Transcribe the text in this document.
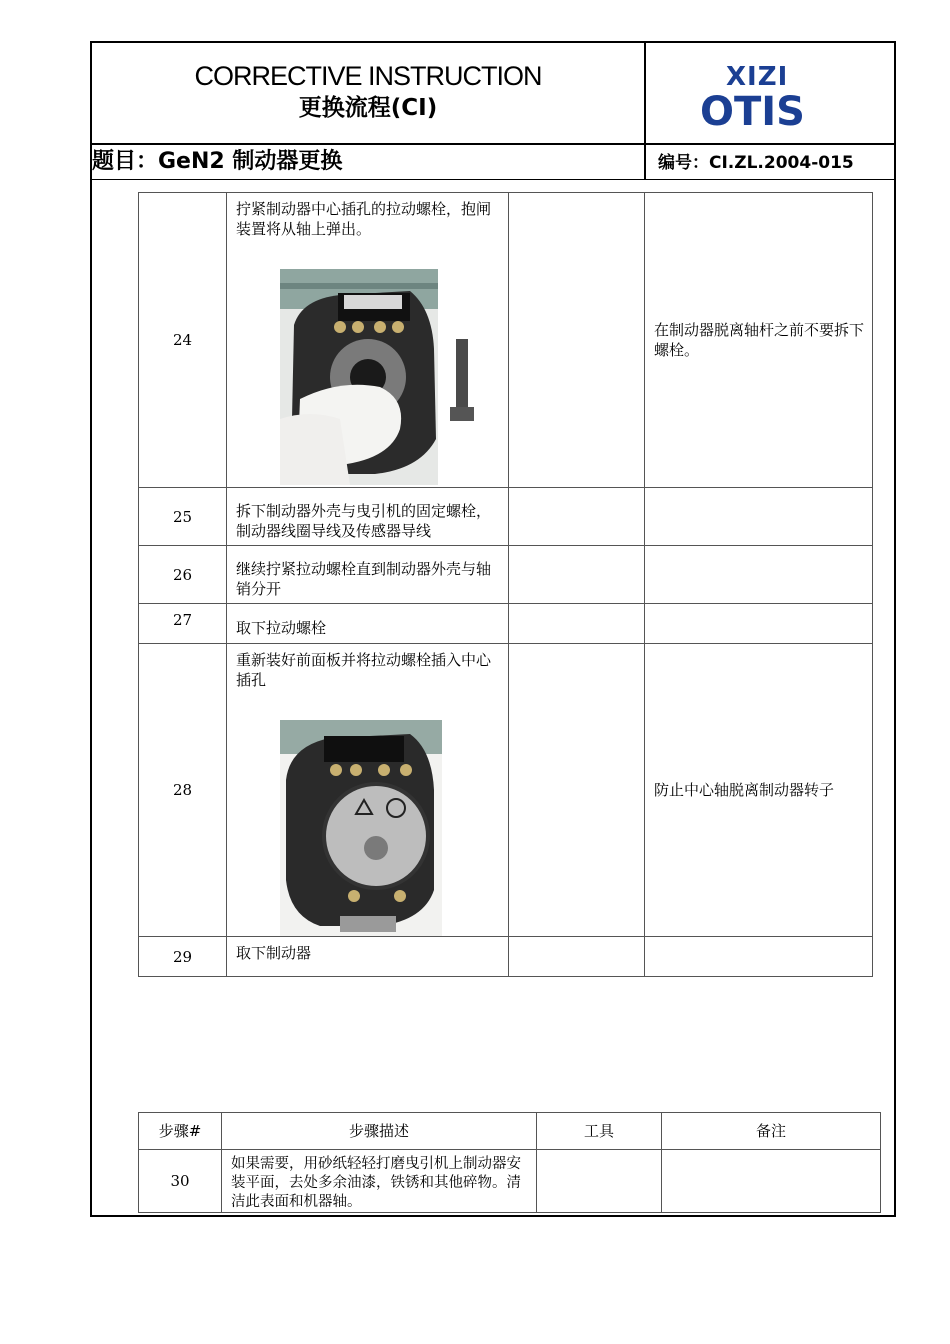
CORRECTIVE INSTRUCTION
更换流程(CI)
XIZI
OTIS
题目：GeN2 制动器更换	编号：CI.ZL.2004-015
24	拧紧制动器中心插孔的拉动螺栓，抱闸装置将从轴上弹出。		在制动器脱离轴杆之前不要拆下螺栓。
25	拆下制动器外壳与曳引机的固定螺栓，制动器线圈导线及传感器导线		
26	继续拧紧拉动螺栓直到制动器外壳与轴销分开		
27	取下拉动螺栓		
28	重新装好前面板并将拉动螺栓插入中心插孔		防止中心轴脱离制动器转子
29	取下制动器		
步骤#	步骤描述	工具	备注
30	如果需要，用砂纸轻轻打磨曳引机上制动器安装平面，去处多余油漆，铁锈和其他碎物。清洁此表面和机器轴。		
